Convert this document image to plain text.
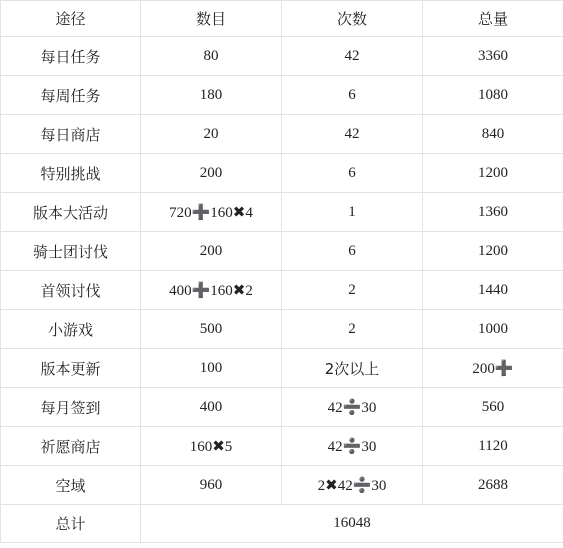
途径	数目	次数	总量
每日任务	80	42	3360
每周任务	180	6	1080
每日商店	20	42	840
特别挑战	200	6	1200
版本大活动	720➕160✖4	1	1360
骑士团讨伐	200	6	1200
首领讨伐	400➕160✖2	2	1440
小游戏	500	2	1000
版本更新	100	2次以上	200➕
每月签到	400	42➗30	560
祈愿商店	160✖5	42➗30	1120
空域	960	2✖42➗30	2688
总计	16048		
